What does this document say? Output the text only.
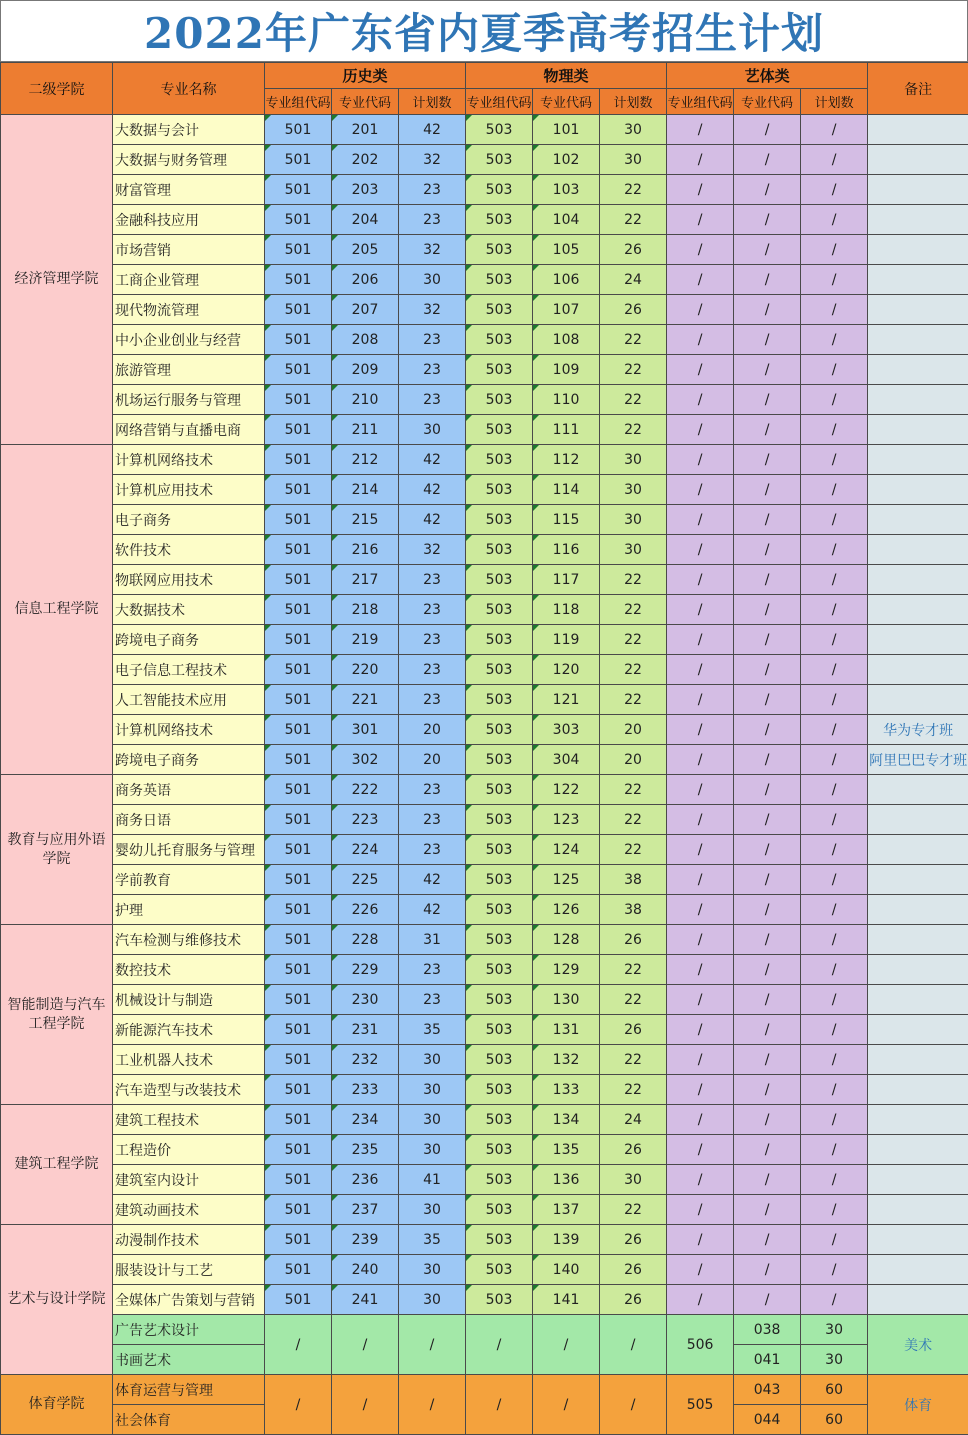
2022年广东省内夏季高考招生计划
二级学院	专业名称	历史类			物理类			艺体类			备注
		专业组代码	专业代码	计划数	专业组代码	专业代码	计划数	专业组代码	专业代码	计划数	
经济管理学院	大数据与会计	501	201	42	503	101	30	/	/	/	
	大数据与财务管理	501	202	32	503	102	30	/	/	/	
	财富管理	501	203	23	503	103	22	/	/	/	
	金融科技应用	501	204	23	503	104	22	/	/	/	
	市场营销	501	205	32	503	105	26	/	/	/	
	工商企业管理	501	206	30	503	106	24	/	/	/	
	现代物流管理	501	207	32	503	107	26	/	/	/	
	中小企业创业与经营	501	208	23	503	108	22	/	/	/	
	旅游管理	501	209	23	503	109	22	/	/	/	
	机场运行服务与管理	501	210	23	503	110	22	/	/	/	
	网络营销与直播电商	501	211	30	503	111	22	/	/	/	
信息工程学院	计算机网络技术	501	212	42	503	112	30	/	/	/	
	计算机应用技术	501	214	42	503	114	30	/	/	/	
	电子商务	501	215	42	503	115	30	/	/	/	
	软件技术	501	216	32	503	116	30	/	/	/	
	物联网应用技术	501	217	23	503	117	22	/	/	/	
	大数据技术	501	218	23	503	118	22	/	/	/	
	跨境电子商务	501	219	23	503	119	22	/	/	/	
	电子信息工程技术	501	220	23	503	120	22	/	/	/	
	人工智能技术应用	501	221	23	503	121	22	/	/	/	
	计算机网络技术	501	301	20	503	303	20	/	/	/	华为专才班
	跨境电子商务	501	302	20	503	304	20	/	/	/	阿里巴巴专才班
教育与应用外语学院	商务英语	501	222	23	503	122	22	/	/	/	
	商务日语	501	223	23	503	123	22	/	/	/	
	婴幼儿托育服务与管理	501	224	23	503	124	22	/	/	/	
	学前教育	501	225	42	503	125	38	/	/	/	
	护理	501	226	42	503	126	38	/	/	/	
智能制造与汽车工程学院	汽车检测与维修技术	501	228	31	503	128	26	/	/	/	
	数控技术	501	229	23	503	129	22	/	/	/	
	机械设计与制造	501	230	23	503	130	22	/	/	/	
	新能源汽车技术	501	231	35	503	131	26	/	/	/	
	工业机器人技术	501	232	30	503	132	22	/	/	/	
	汽车造型与改装技术	501	233	30	503	133	22	/	/	/	
建筑工程学院	建筑工程技术	501	234	30	503	134	24	/	/	/	
	工程造价	501	235	30	503	135	26	/	/	/	
	建筑室内设计	501	236	41	503	136	30	/	/	/	
	建筑动画技术	501	237	30	503	137	22	/	/	/	
艺术与设计学院	动漫制作技术	501	239	35	503	139	26	/	/	/	
	服装设计与工艺	501	240	30	503	140	26	/	/	/	
	全媒体广告策划与营销	501	241	30	503	141	26	/	/	/	
	广告艺术设计	/	/	/	/	/	/	506	038	30	美术
	书画艺术								041	30	
体育学院	体育运营与管理	/	/	/	/	/	/	505	043	60	体育
	社会体育								044	60	
